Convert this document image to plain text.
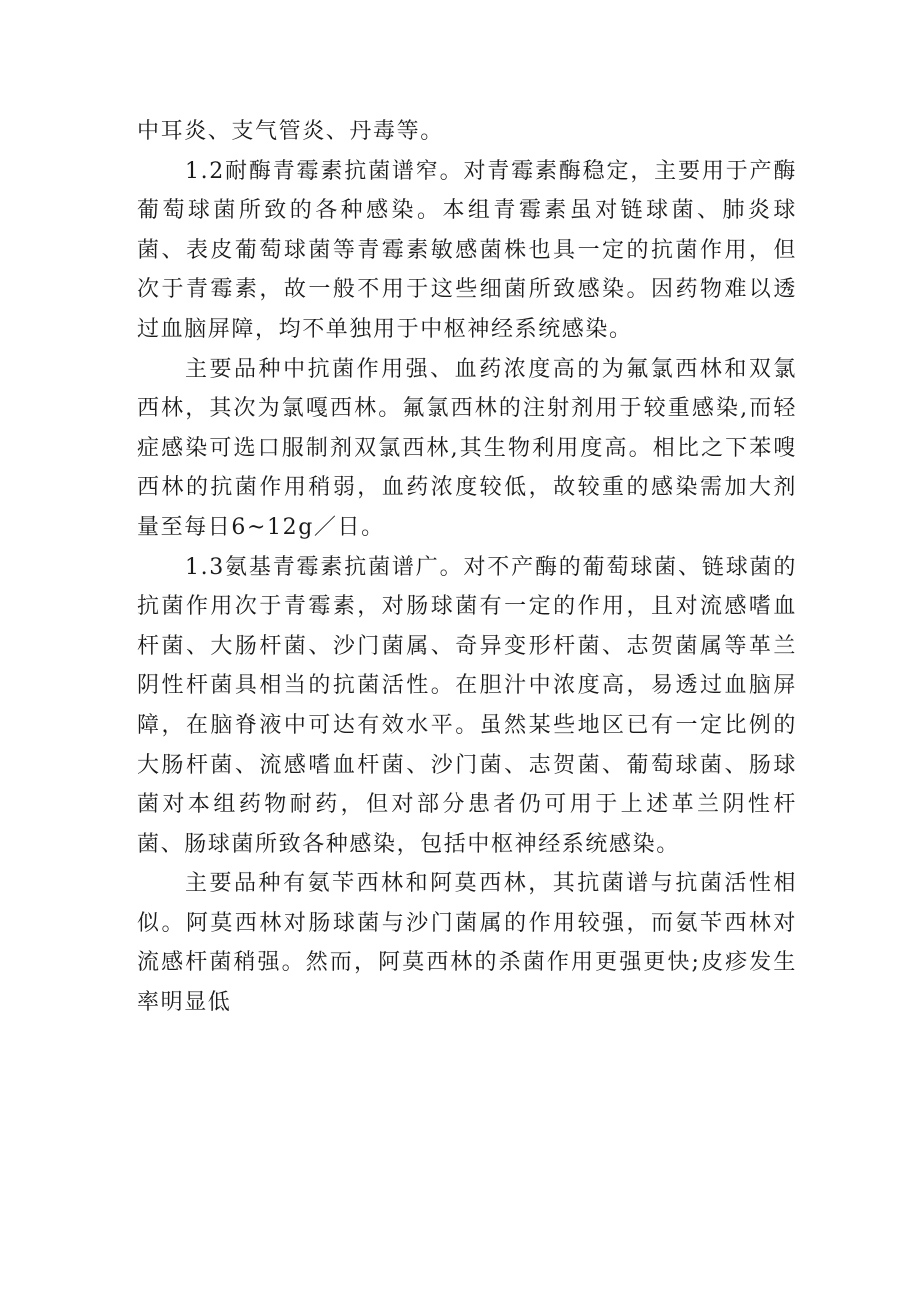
中耳炎、支气管炎、丹毒等。

1.2耐酶青霉素抗菌谱窄。对青霉素酶稳定，主要用于产酶葡萄球菌所致的各种感染。本组青霉素虽对链球菌、肺炎球菌、表皮葡萄球菌等青霉素敏感菌株也具一定的抗菌作用，但次于青霉素，故一般不用于这些细菌所致感染。因药物难以透过血脑屏障，均不单独用于中枢神经系统感染。

主要品种中抗菌作用强、血药浓度高的为氟氯西林和双氯西林，其次为氯嘎西林。氟氯西林的注射剂用于较重感染,而轻症感染可选口服制剂双氯西林,其生物利用度高。相比之下苯嗖西林的抗菌作用稍弱，血药浓度较低，故较重的感染需加大剂量至每日6~12g／日。

1.3氨基青霉素抗菌谱广。对不产酶的葡萄球菌、链球菌的抗菌作用次于青霉素，对肠球菌有一定的作用，且对流感嗜血杆菌、大肠杆菌、沙门菌属、奇异变形杆菌、志贺菌属等革兰阴性杆菌具相当的抗菌活性。在胆汁中浓度高，易透过血脑屏障，在脑脊液中可达有效水平。虽然某些地区已有一定比例的大肠杆菌、流感嗜血杆菌、沙门菌、志贺菌、葡萄球菌、肠球菌对本组药物耐药，但对部分患者仍可用于上述革兰阴性杆菌、肠球菌所致各种感染，包括中枢神经系统感染。

主要品种有氨苄西林和阿莫西林，其抗菌谱与抗菌活性相似。阿莫西林对肠球菌与沙门菌属的作用较强，而氨苄西林对流感杆菌稍强。然而，阿莫西林的杀菌作用更强更快;皮疹发生率明显低
